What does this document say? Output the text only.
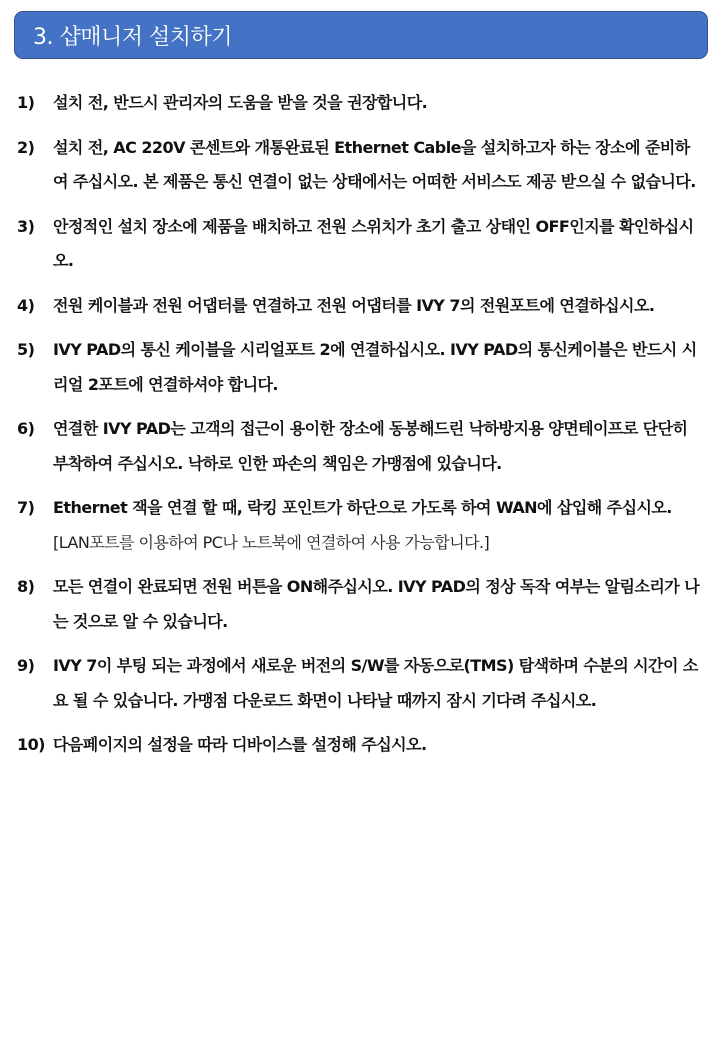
3. 샵매니저 설치하기
1) 설치 전, 반드시 관리자의 도움을 받을 것을 권장합니다.
2) 설치 전, AC 220V 콘센트와 개통완료된 Ethernet Cable을 설치하고자 하는 장소에 준비하여 주십시오. 본 제품은 통신 연결이 없는 상태에서는 어떠한 서비스도 제공 받으실 수 없습니다.
3) 안정적인 설치 장소에 제품을 배치하고 전원 스위치가 초기 출고 상태인 OFF인지를 확인하십시오.
4) 전원 케이블과 전원 어댑터를 연결하고 전원 어댑터를 IVY 7의 전원포트에 연결하십시오.
5) IVY PAD의 통신 케이블을 시리얼포트 2에 연결하십시오. IVY PAD의 통신케이블은 반드시 시리얼 2포트에 연결하셔야 합니다.
6) 연결한 IVY PAD는 고객의 접근이 용이한 장소에 동봉해드린 낙하방지용 양면테이프로 단단히 부착하여 주십시오. 낙하로 인한 파손의 책임은 가맹점에 있습니다.
7) Ethernet 잭을 연결 할 때, 락킹 포인트가 하단으로 가도록 하여 WAN에 삽입해 주십시오. [LAN포트를 이용하여 PC나 노트북에 연결하여 사용 가능합니다.]
8) 모든 연결이 완료되면 전원 버튼을 ON해주십시오. IVY PAD의 정상 독작 여부는 알림소리가 나는 것으로 알 수 있습니다.
9) IVY 7이 부팅 되는 과정에서 새로운 버전의 S/W를 자동으로(TMS) 탐색하며 수분의 시간이 소요 될 수 있습니다. 가맹점 다운로드 화면이 나타날 때까지 잠시 기다려 주십시오.
10) 다음페이지의 설정을 따라 디바이스를 설정해 주십시오.
